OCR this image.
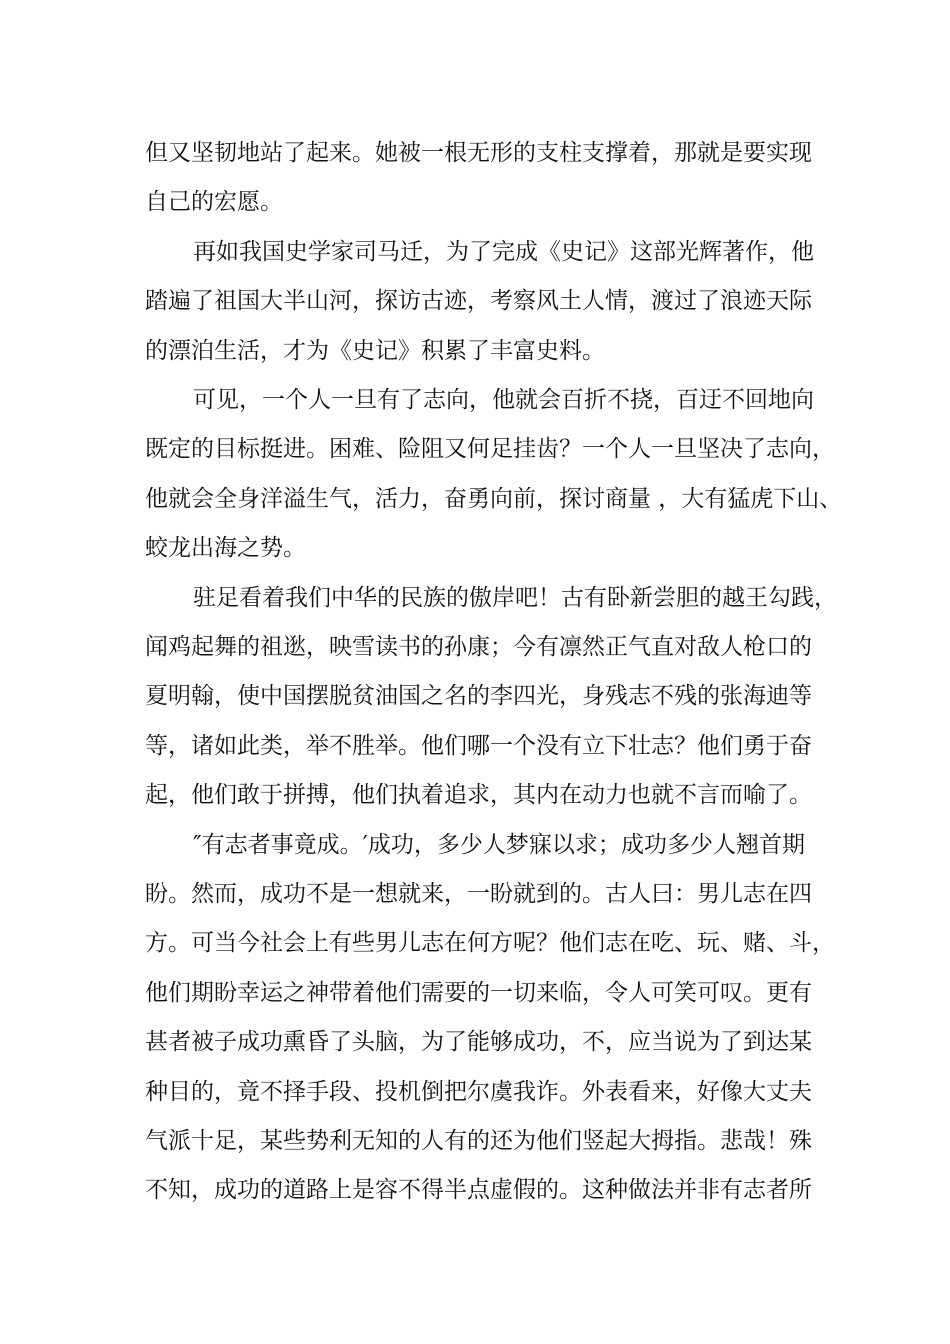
但又坚韧地站了起来。她被一根无形的支柱支撑着，那就是要实现
自己的宏愿。
再如我国史学家司马迁，为了完成《史记》这部光辉著作，他
踏遍了祖国大半山河，探访古迹，考察风土人情，渡过了浪迹天际
的漂泊生活，才为《史记》积累了丰富史料。
可见，一个人一旦有了志向，他就会百折不挠，百迂不回地向
既定的目标挺进。困难、险阻又何足挂齿？一个人一旦坚决了志向，
他就会全身洋溢生气，活力，奋勇向前，探讨商量 ，大有猛虎下山、
蛟龙出海之势。
驻足看着我们中华的民族的傲岸吧！古有卧新尝胆的越王勾践，
闻鸡起舞的祖逖，映雪读书的孙康；今有凛然正气直对敌人枪口的
夏明翰，使中国摆脱贫油国之名的李四光，身残志不残的张海迪等
等，诸如此类，举不胜举。他们哪一个没有立下壮志？他们勇于奋
起，他们敢于拼搏，他们执着追求，其内在动力也就不言而喻了。
″有志者事竟成。′成功，多少人梦寐以求；成功多少人翘首期
盼。然而，成功不是一想就来，一盼就到的。古人曰：男儿志在四
方。可当今社会上有些男儿志在何方呢？他们志在吃、玩、赌、斗，
他们期盼幸运之神带着他们需要的一切来临，令人可笑可叹。更有
甚者被子成功熏昏了头脑，为了能够成功，不，应当说为了到达某
种目的，竟不择手段、投机倒把尔虞我诈。外表看来，好像大丈夫
气派十足，某些势利无知的人有的还为他们竖起大拇指。悲哉！殊
不知，成功的道路上是容不得半点虚假的。这种做法并非有志者所
